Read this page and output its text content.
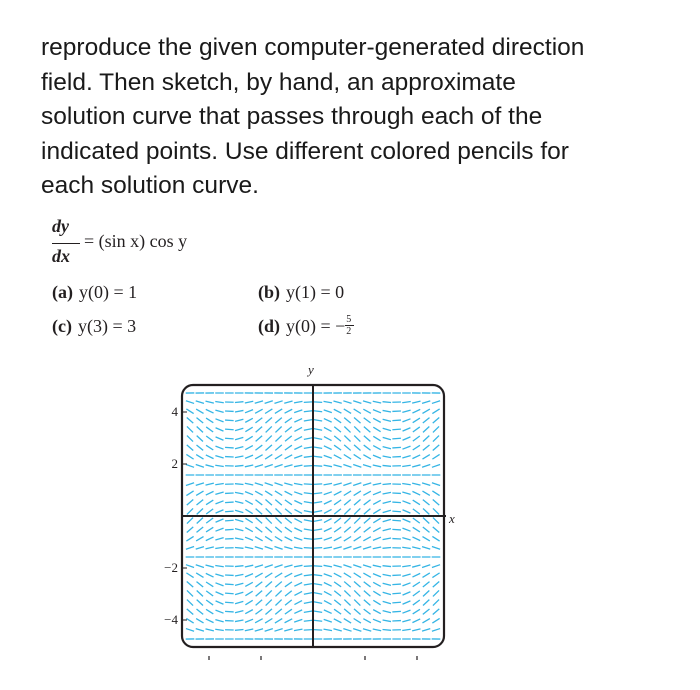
reproduce the given computer-generated direction
field. Then sketch, by hand, an approximate
solution curve that passes through each of the
indicated points. Use different colored pencils for
each solution curve.
dy
dx
= (sin x) cos y
(a) y(0) = 1	(b) y(1) = 0
(c) y(3) = 3	(d) y(0) = − $\frac{5}{2}$
y
x
4
2
−2
−4
